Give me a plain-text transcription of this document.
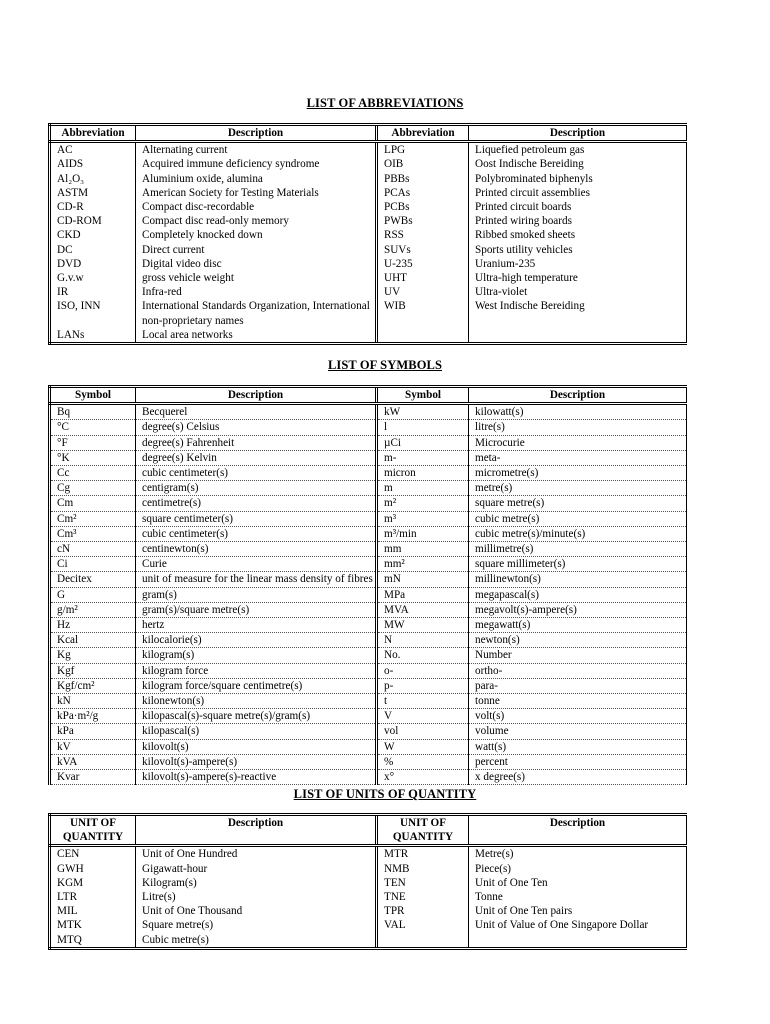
LIST OF ABBREVIATIONS
Abbreviation	Description	Abbreviation	Description
AC	Alternating current	LPG	Liquefied petroleum gas
AIDS	Acquired immune deficiency syndrome	OIB	Oost Indische Bereiding
Al₂O₃	Aluminium oxide, alumina	PBBs	Polybrominated biphenyls
ASTM	American Society for Testing Materials	PCAs	Printed circuit assemblies
CD-R	Compact disc-recordable	PCBs	Printed circuit boards
CD-ROM	Compact disc read-only memory	PWBs	Printed wiring boards
CKD	Completely knocked down	RSS	Ribbed smoked sheets
DC	Direct current	SUVs	Sports utility vehicles
DVD	Digital video disc	U-235	Uranium-235
G.v.w	gross vehicle weight	UHT	Ultra-high temperature
IR	Infra-red	UV	Ultra-violet
ISO, INN	International Standards Organization, International non-proprietary names	WIB	West Indische Bereiding
LANs	Local area networks		
LIST OF SYMBOLS
Symbol	Description	Symbol	Description
Bq	Becquerel	kW	kilowatt(s)
°C	degree(s) Celsius	l	litre(s)
°F	degree(s) Fahrenheit	µCi	Microcurie
°K	degree(s) Kelvin	m-	meta-
Cc	cubic centimeter(s)	micron	micrometre(s)
Cg	centigram(s)	m	metre(s)
Cm	centimetre(s)	m²	square metre(s)
Cm²	square centimeter(s)	m³	cubic metre(s)
Cm³	cubic centimeter(s)	m³/min	cubic metre(s)/minute(s)
cN	centinewton(s)	mm	millimetre(s)
Ci	Curie	mm²	square millimeter(s)
Decitex	unit of measure for the linear mass density of fibres	mN	millinewton(s)
G	gram(s)	MPa	megapascal(s)
g/m²	gram(s)/square metre(s)	MVA	megavolt(s)-ampere(s)
Hz	hertz	MW	megawatt(s)
Kcal	kilocalorie(s)	N	newton(s)
Kg	kilogram(s)	No.	Number
Kgf	kilogram force	o-	ortho-
Kgf/cm²	kilogram force/square centimetre(s)	p-	para-
kN	kilonewton(s)	t	tonne
kPa·m²/g	kilopascal(s)-square metre(s)/gram(s)	V	volt(s)
kPa	kilopascal(s)	vol	volume
kV	kilovolt(s)	W	watt(s)
kVA	kilovolt(s)-ampere(s)	%	percent
Kvar	kilovolt(s)-ampere(s)-reactive	x°	x degree(s)
LIST OF UNITS OF QUANTITY
UNIT OF QUANTITY	Description	UNIT OF QUANTITY	Description
CEN	Unit of One Hundred	MTR	Metre(s)
GWH	Gigawatt-hour	NMB	Piece(s)
KGM	Kilogram(s)	TEN	Unit of One Ten
LTR	Litre(s)	TNE	Tonne
MIL	Unit of One Thousand	TPR	Unit of One Ten pairs
MTK	Square metre(s)	VAL	Unit of Value of One Singapore Dollar
MTQ	Cubic metre(s)		
